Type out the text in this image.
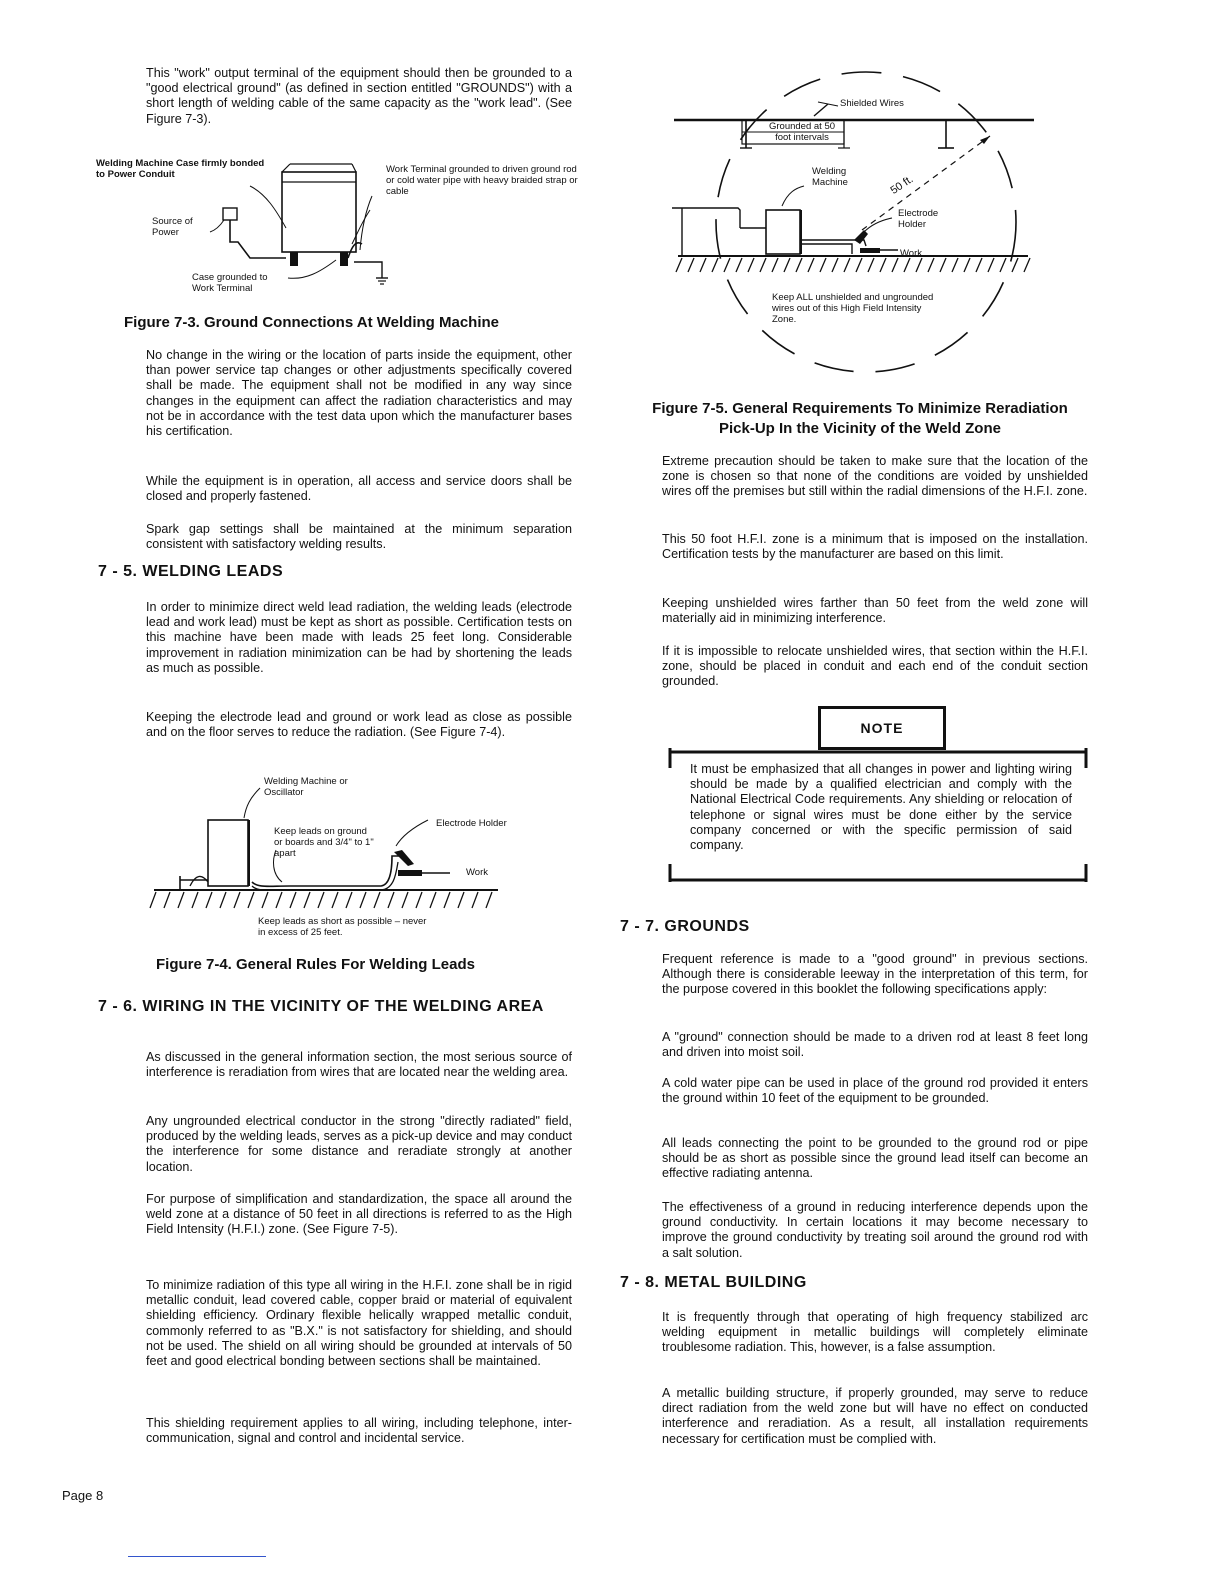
This "work" output terminal of the equipment should then be grounded to a "good electrical ground" (as defined in section entitled "GROUNDS") with a short length of welding cable of the same capacity as the "work lead". (See Figure 7-3).

Welding Machine Case firmly bonded to Power Conduit	Work Terminal grounded to driven ground rod or cold water pipe with heavy braided strap or cable
Source of Power
Case grounded to Work Terminal

Figure 7-3. Ground Connections At Welding Machine

No change in the wiring or the location of parts inside the equipment, other than power service tap changes or other adjustments specifically covered shall be made. The equipment shall not be modified in any way since changes in the equipment can affect the radiation characteristics and may not be in accordance with the test data upon which the manufacturer bases his certification.

While the equipment is in operation, all access and service doors shall be closed and properly fastened.

Spark gap settings shall be maintained at the minimum separation consistent with satisfactory welding results.

7 - 5. WELDING LEADS

In order to minimize direct weld lead radiation, the welding leads (electrode lead and work lead) must be kept as short as possible. Certification tests on this machine have been made with leads 25 feet long. Considerable improvement in radiation minimization can be had by shortening the leads as much as possible.

Keeping the electrode lead and ground or work lead as close as possible and on the floor serves to reduce the radiation. (See Figure 7-4).

Welding Machine or Oscillator
Electrode Holder
Keep leads on ground or boards and 3/4" to 1" apart
Work
Keep leads as short as possible – never in excess of 25 feet.

Figure 7-4. General Rules For Welding Leads

7 - 6. WIRING IN THE VICINITY OF THE WELDING AREA

As discussed in the general information section, the most serious source of interference is reradiation from wires that are located near the welding area.

Any ungrounded electrical conductor in the strong "directly radiated" field, produced by the welding leads, serves as a pick-up device and may conduct the interference for some distance and reradiate strongly at another location.

For purpose of simplification and standardization, the space all around the weld zone at a distance of 50 feet in all directions is referred to as the High Field Intensity (H.F.I.) zone. (See Figure 7-5).

To minimize radiation of this type all wiring in the H.F.I. zone shall be in rigid metallic conduit, lead covered cable, copper braid or material of equivalent shielding efficiency. Ordinary flexible helically wrapped metallic conduit, commonly referred to as "B.X." is not satisfactory for shielding, and should not be used. The shield on all wiring should be grounded at intervals of 50 feet and good electrical bonding between sections shall be maintained.

This shielding requirement applies to all wiring, including telephone, inter-communication, signal and control and incidental service.

Page 8
Shielded Wires
Grounded at 50 foot intervals
Welding Machine	50 ft.
Electrode Holder
Work
Keep ALL unshielded and ungrounded wires out of this High Field Intensity Zone.

Figure 7-5. General Requirements To Minimize Reradiation

Pick-Up In the Vicinity of the Weld Zone

Extreme precaution should be taken to make sure that the location of the zone is chosen so that none of the conditions are voided by unshielded wires off the premises but still within the radial dimensions of the H.F.I. zone.

This 50 foot H.F.I. zone is a minimum that is imposed on the installation. Certification tests by the manufacturer are based on this limit.

Keeping unshielded wires farther than 50 feet from the weld zone will materially aid in minimizing interference.

If it is impossible to relocate unshielded wires, that section within the H.F.I. zone, should be placed in conduit and each end of the conduit section grounded.

NOTE

It must be emphasized that all changes in power and lighting wiring should be made by a qualified electrician and comply with the National Electrical Code requirements. Any shielding or relocation of telephone or signal wires must be done either by the service company concerned or with the specific permission of said company.

7 - 7. GROUNDS

Frequent reference is made to a "good ground" in previous sections. Although there is considerable leeway in the interpretation of this term, for the purpose covered in this booklet the following specifications apply:

A "ground" connection should be made to a driven rod at least 8 feet long and driven into moist soil.

A cold water pipe can be used in place of the ground rod provided it enters the ground within 10 feet of the equipment to be grounded.

All leads connecting the point to be grounded to the ground rod or pipe should be as short as possible since the ground lead itself can become an effective radiating antenna.

The effectiveness of a ground in reducing interference depends upon the ground conductivity. In certain locations it may become necessary to improve the ground conductivity by treating soil around the ground rod with a salt solution.

7 - 8. METAL BUILDING

It is frequently through that operating of high frequency stabilized arc welding equipment in metallic buildings will completely eliminate troublesome radiation. This, however, is a false assumption.

A metallic building structure, if properly grounded, may serve to reduce direct radiation from the weld zone but will have no effect on conducted interference and reradiation. As a result, all installation requirements necessary for certification must be complied with.
